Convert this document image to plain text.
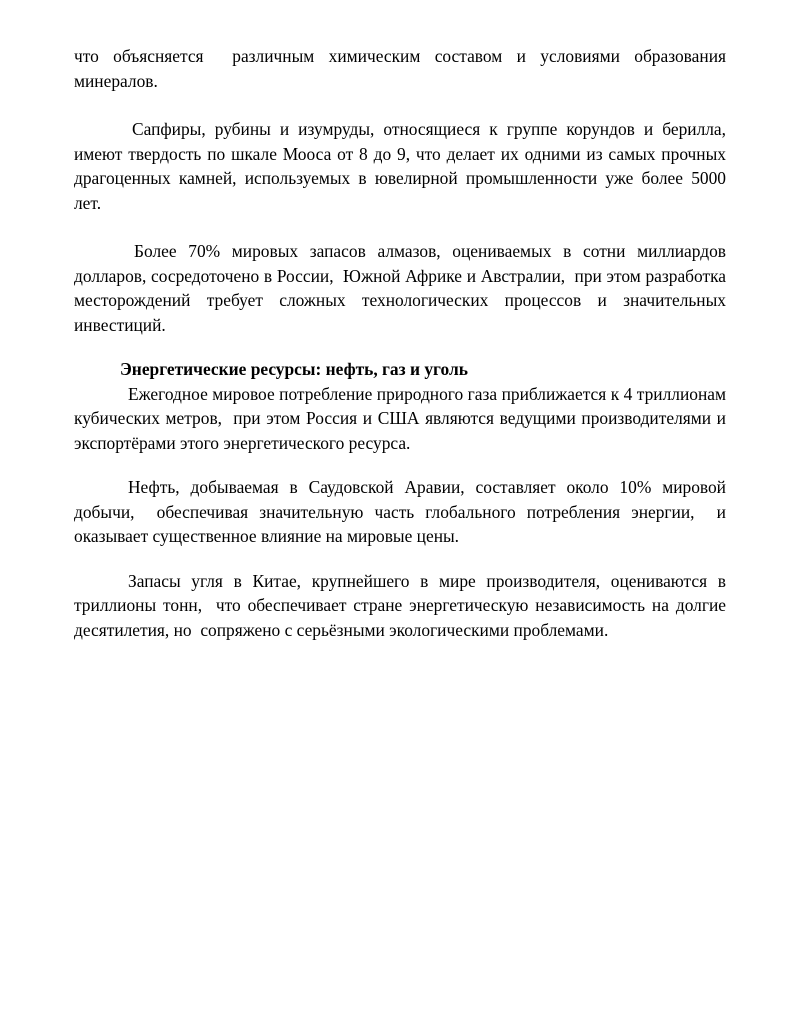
что объясняется  различным химическим составом и условиями образования минералов.

Сапфиры, рубины и изумруды, относящиеся к группе корундов и берилла, имеют твердость по шкале Мооса от 8 до 9, что делает их одними из самых прочных драгоценных камней, используемых в ювелирной промышленности уже более 5000 лет.

Более 70% мировых запасов алмазов, оцениваемых в сотни миллиардов долларов, сосредоточено в России,  Южной Африке и Австралии,  при этом разработка месторождений требует сложных технологических процессов и значительных инвестиций.

Энергетические ресурсы: нефть, газ и уголь

Ежегодное мировое потребление природного газа приближается к 4 триллионам кубических метров,  при этом Россия и США являются ведущими производителями и экспортёрами этого энергетического ресурса.

Нефть, добываемая в Саудовской Аравии, составляет около 10% мировой добычи,  обеспечивая значительную часть глобального потребления энергии,  и оказывает существенное влияние на мировые цены.

Запасы угля в Китае, крупнейшего в мире производителя, оцениваются в триллионы тонн,  что обеспечивает стране энергетическую независимость на долгие десятилетия, но  сопряжено с серьёзными экологическими проблемами.
